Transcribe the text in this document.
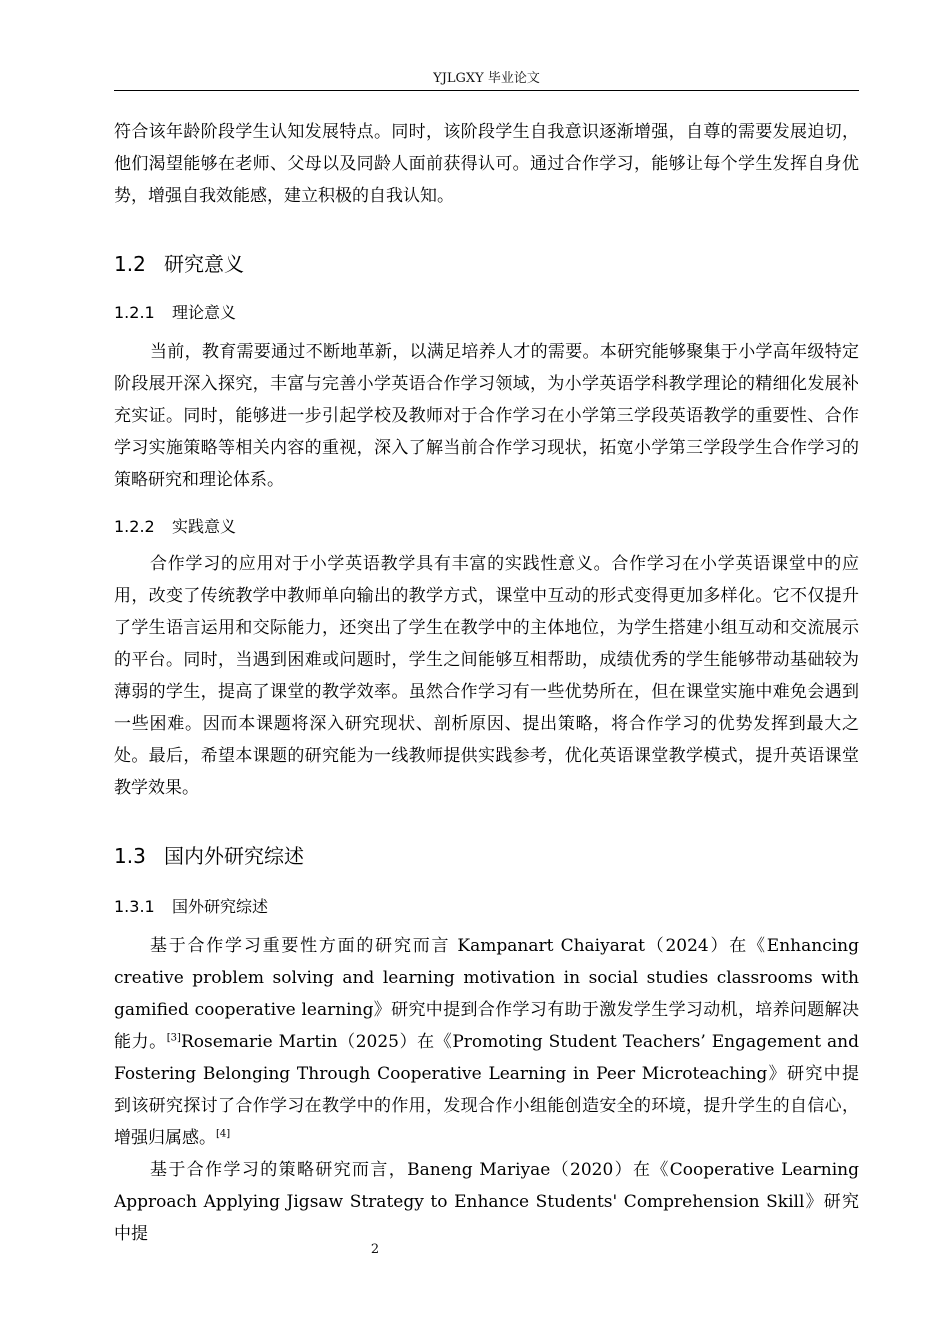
YJLGXY 毕业论文

符合该年龄阶段学生认知发展特点。同时，该阶段学生自我意识逐渐增强，自尊的需要发展迫切，他们渴望能够在老师、父母以及同龄人面前获得认可。通过合作学习，能够让每个学生发挥自身优势，增强自我效能感，建立积极的自我认知。

1.2 研究意义
1.2.1 理论意义

当前，教育需要通过不断地革新，以满足培养人才的需要。本研究能够聚集于小学高年级特定阶段展开深入探究，丰富与完善小学英语合作学习领域，为小学英语学科教学理论的精细化发展补充实证。同时，能够进一步引起学校及教师对于合作学习在小学第三学段英语教学的重要性、合作学习实施策略等相关内容的重视，深入了解当前合作学习现状，拓宽小学第三学段学生合作学习的策略研究和理论体系。

1.2.2 实践意义

合作学习的应用对于小学英语教学具有丰富的实践性意义。合作学习在小学英语课堂中的应用，改变了传统教学中教师单向输出的教学方式，课堂中互动的形式变得更加多样化。它不仅提升了学生语言运用和交际能力，还突出了学生在教学中的主体地位，为学生搭建小组互动和交流展示的平台。同时，当遇到困难或问题时，学生之间能够互相帮助，成绩优秀的学生能够带动基础较为薄弱的学生，提高了课堂的教学效率。虽然合作学习有一些优势所在，但在课堂实施中难免会遇到一些困难。因而本课题将深入研究现状、剖析原因、提出策略，将合作学习的优势发挥到最大之处。最后，希望本课题的研究能为一线教师提供实践参考，优化英语课堂教学模式，提升英语课堂教学效果。

1.3 国内外研究综述
1.3.1 国外研究综述

基于合作学习重要性方面的研究而言 Kampanart Chaiyarat（2024）在《Enhancing creative problem solving and learning motivation in social studies classrooms with gamified cooperative learning》研究中提到合作学习有助于激发学生学习动机，培养问题解决能力。[3]Rosemarie Martin（2025）在《Promoting Student Teachers’ Engagement and Fostering Belonging Through Cooperative Learning in Peer Microteaching》研究中提到该研究探讨了合作学习在教学中的作用，发现合作小组能创造安全的环境，提升学生的自信心，增强归属感。[4]

基于合作学习的策略研究而言，Baneng Mariyae（2020）在《Cooperative Learning Approach Applying Jigsaw Strategy to Enhance Students' Comprehension Skill》研究中提

2
